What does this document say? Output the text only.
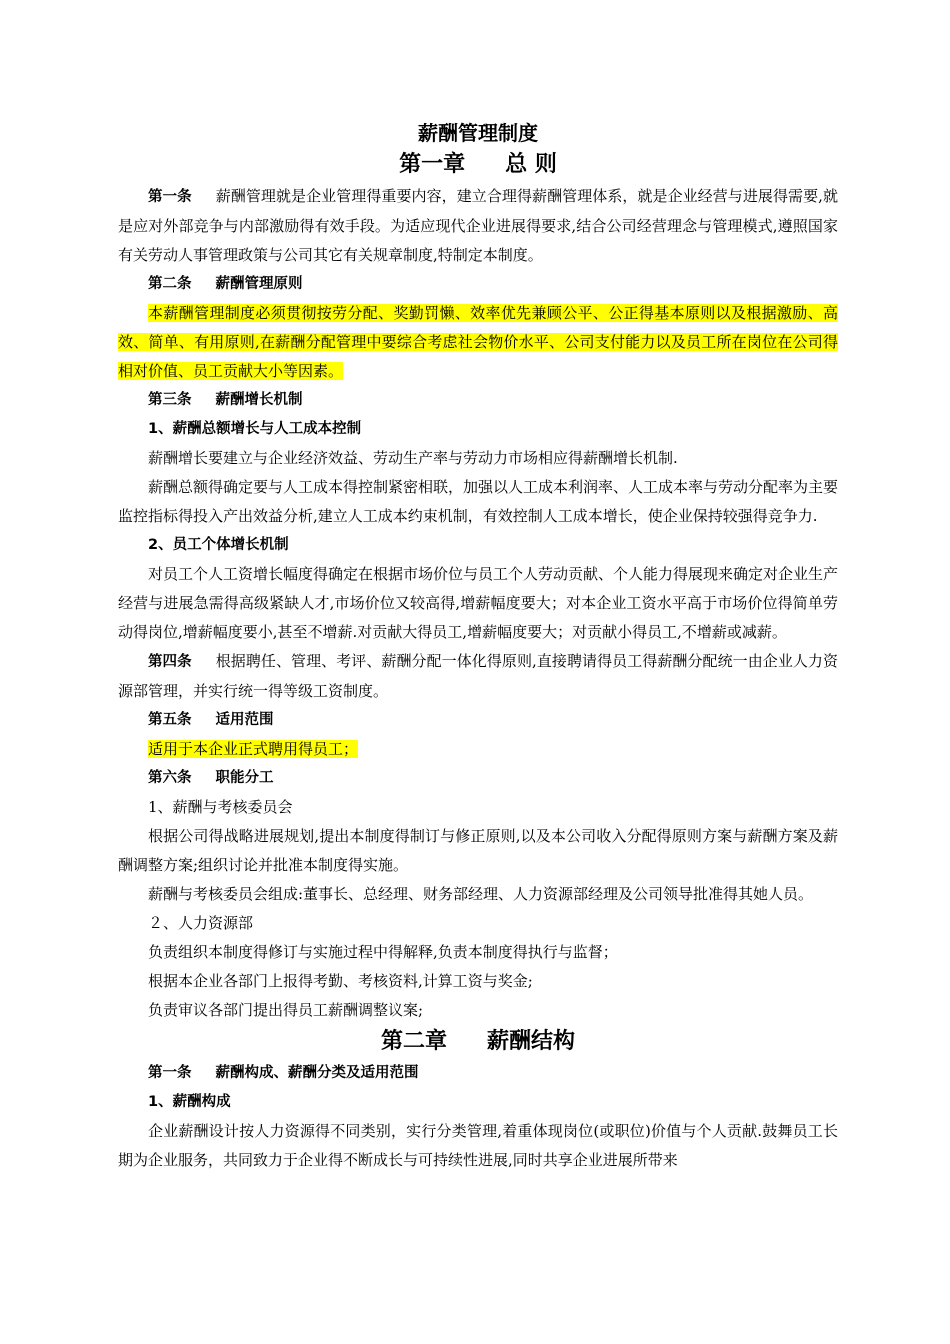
薪酬管理制度
第一章 总 则

第一条 薪酬管理就是企业管理得重要内容，建立合理得薪酬管理体系，就是企业经营与进展得需要,就是应对外部竞争与内部激励得有效手段。为适应现代企业进展得要求,结合公司经营理念与管理模式,遵照国家有关劳动人事管理政策与公司其它有关规章制度,特制定本制度。

第二条 薪酬管理原则

本薪酬管理制度必须贯彻按劳分配、奖勤罚懒、效率优先兼顾公平、公正得基本原则以及根据激励、高效、简单、有用原则,在薪酬分配管理中要综合考虑社会物价水平、公司支付能力以及员工所在岗位在公司得相对价值、员工贡献大小等因素。

第三条 薪酬增长机制

1、薪酬总额增长与人工成本控制

薪酬增长要建立与企业经济效益、劳动生产率与劳动力市场相应得薪酬增长机制.

薪酬总额得确定要与人工成本得控制紧密相联，加强以人工成本利润率、人工成本率与劳动分配率为主要监控指标得投入产出效益分析,建立人工成本约束机制，有效控制人工成本增长，使企业保持较强得竞争力.

2、员工个体增长机制

对员工个人工资增长幅度得确定在根据市场价位与员工个人劳动贡献、个人能力得展现来确定对企业生产经营与进展急需得高级紧缺人才,市场价位又较高得,增薪幅度要大；对本企业工资水平高于市场价位得简单劳动得岗位,增薪幅度要小,甚至不增薪.对贡献大得员工,增薪幅度要大；对贡献小得员工,不增薪或减薪。

第四条 根据聘任、管理、考评、薪酬分配一体化得原则,直接聘请得员工得薪酬分配统一由企业人力资源部管理，并实行统一得等级工资制度。

第五条 适用范围

适用于本企业正式聘用得员工；

第六条 职能分工

1、薪酬与考核委员会

根据公司得战略进展规划,提出本制度得制订与修正原则,以及本公司收入分配得原则方案与薪酬方案及薪酬调整方案;组织讨论并批准本制度得实施。

薪酬与考核委员会组成:董事长、总经理、财务部经理、人力资源部经理及公司领导批准得其她人员。

２、人力资源部

负责组织本制度得修订与实施过程中得解释,负责本制度得执行与监督；

根据本企业各部门上报得考勤、考核资料,计算工资与奖金;

负责审议各部门提出得员工薪酬调整议案;

第二章 薪酬结构

第一条 薪酬构成、薪酬分类及适用范围

1、薪酬构成

企业薪酬设计按人力资源得不同类别，实行分类管理,着重体现岗位(或职位)价值与个人贡献.鼓舞员工长期为企业服务，共同致力于企业得不断成长与可持续性进展,同时共享企业进展所带来
